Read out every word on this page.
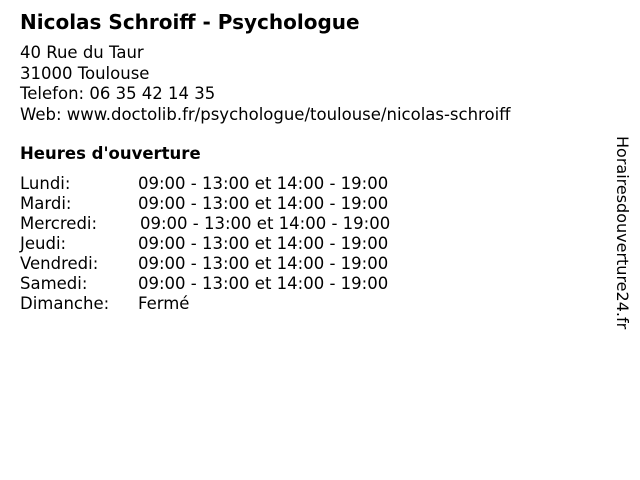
Nicolas Schroiff - Psychologue
40 Rue du Taur
31000 Toulouse
Telefon: 06 35 42 14 35
Web: www.doctolib.fr/psychologue/toulouse/nicolas-schroiff
Heures d'ouverture
Lundi:	09:00 - 13:00 et 14:00 - 19:00
Mardi:	09:00 - 13:00 et 14:00 - 19:00
Mercredi:	09:00 - 13:00 et 14:00 - 19:00
Jeudi:	09:00 - 13:00 et 14:00 - 19:00
Vendredi: 09:00 - 13:00 et 14:00 - 19:00
Samedi:	09:00 - 13:00 et 14:00 - 19:00
Dimanche: Fermé	Horairesdouverture24.fr
